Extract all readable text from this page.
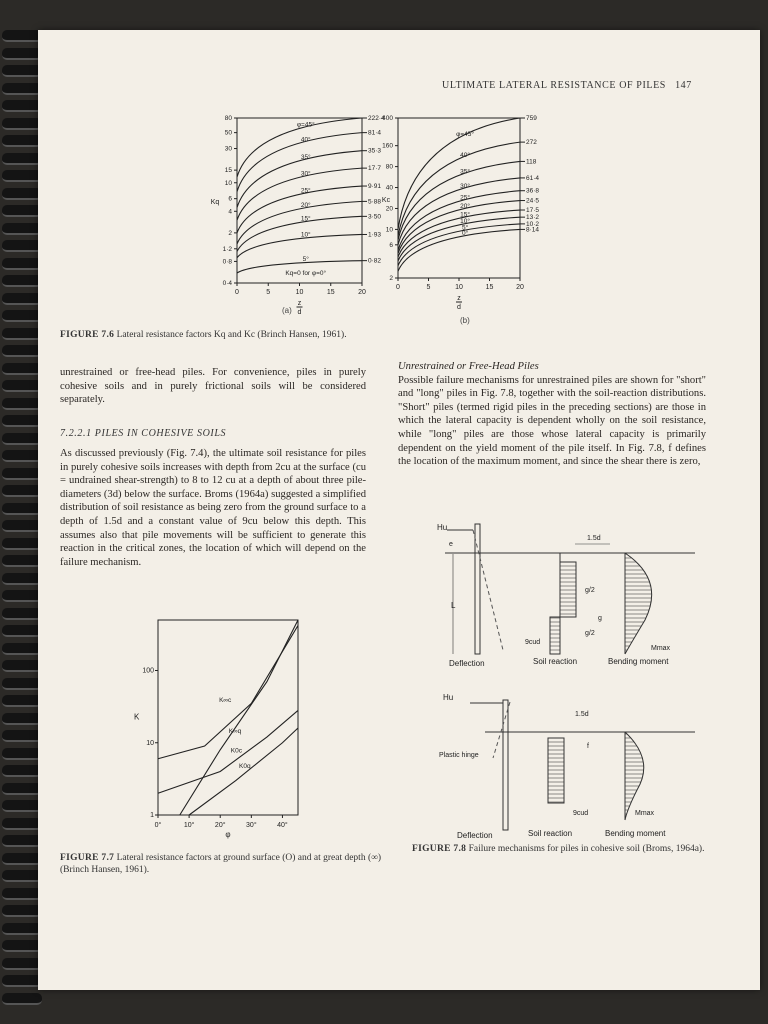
ULTIMATE LATERAL RESISTANCE OF PILES 147
0	5	10	15	20
80
50
30
15
10
6
4
2
1·2
0·8
0·4
Kq
φ=45°
222·4
40°
81·4
35°
35·3
30°
17·7
25°
9·91
20°
5·88
15°	3·50
10°	1·93
5°	0·82
Kq=0 for φ=0°
z
d
(a)
0	5	10	15	20
400
160
80
40
20
10
6
2
Kc
φ=45°
759
40°
272
35°
118
30°
61·4
25°
36·8
20°
24·5
15°
17·5
10°
13·2
5°
10·2
0°
8·14
z
d
(b)
FIGURE 7.6 Lateral resistance factors Kq and Kc (Brinch Hansen, 1961).

unrestrained or free-head piles. For convenience, piles in purely cohesive soils and in purely frictional soils will be considered separately.

7.2.2.1 PILES IN COHESIVE SOILS

As discussed previously (Fig. 7.4), the ultimate soil resistance for piles in purely cohesive soils increases with depth from 2cu at the surface (cu = undrained shear-strength) to 8 to 12 cu at a depth of about three pile-diameters (3d) below the surface. Broms (1964a) suggested a simplified distribution of soil resistance as being zero from the ground surface to a depth of 1.5d and a constant value of 9cu below this depth. This assumes also that pile movements will be sufficient to generate this reaction in the critical zones, the location of which will depend on the failure mechanism.

0°	10°	20°	30°	40°
100
10
1
K
φ
K∞c
K∞q
K0c
K0q
FIGURE 7.7 Lateral resistance factors at ground surface (O) and at great depth (∞) (Brinch Hansen, 1961).

Unrestrained or Free-Head Piles

Possible failure mechanisms for unrestrained piles are shown for "short" and "long" piles in Fig. 7.8, together with the soil-reaction distributions. "Short" piles (termed rigid piles in the preceding sections) are those in which the lateral capacity is dependent wholly on the soil resistance, while "long" piles are those whose lateral capacity is primarily dependent on the yield moment of the pile itself. In Fig. 7.8, f defines the location of the maximum moment, and since the shear there is zero,

Hu
e
L
1.5d
g/2
g/2
g
9cud
Mmax
Deflection	Soil reaction	Bending moment
Hu
Plastic hinge
1.5d
f
9cud	Mmax
Deflection	Soil reaction	Bending moment
FIGURE 7.8 Failure mechanisms for piles in cohesive soil (Broms, 1964a).
